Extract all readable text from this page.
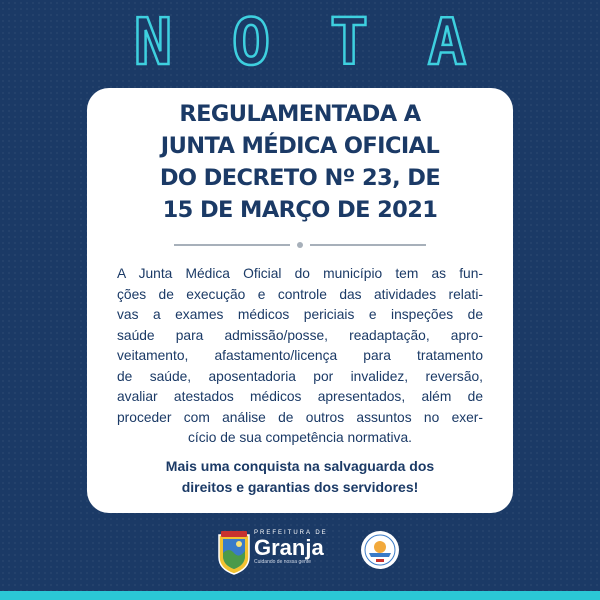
N O T A
REGULAMENTADA A
JUNTA MÉDICA OFICIAL
DO DECRETO Nº 23, DE
15 DE MARÇO DE 2021
A Junta Médica Oficial do município tem as fun-
ções de execução e controle das atividades relati-
vas a exames médicos periciais e inspeções de
saúde para admissão/posse, readaptação, apro-
veitamento, afastamento/licença para tratamento
de saúde, aposentadoria por invalidez, reversão,
avaliar atestados médicos apresentados, além de
proceder com análise de outros assuntos no exer-
cício de sua competência normativa.
Mais uma conquista na salvaguarda dos
direitos e garantias dos servidores!
PREFEITURA DE
Granja
Cuidando de nossa gente
